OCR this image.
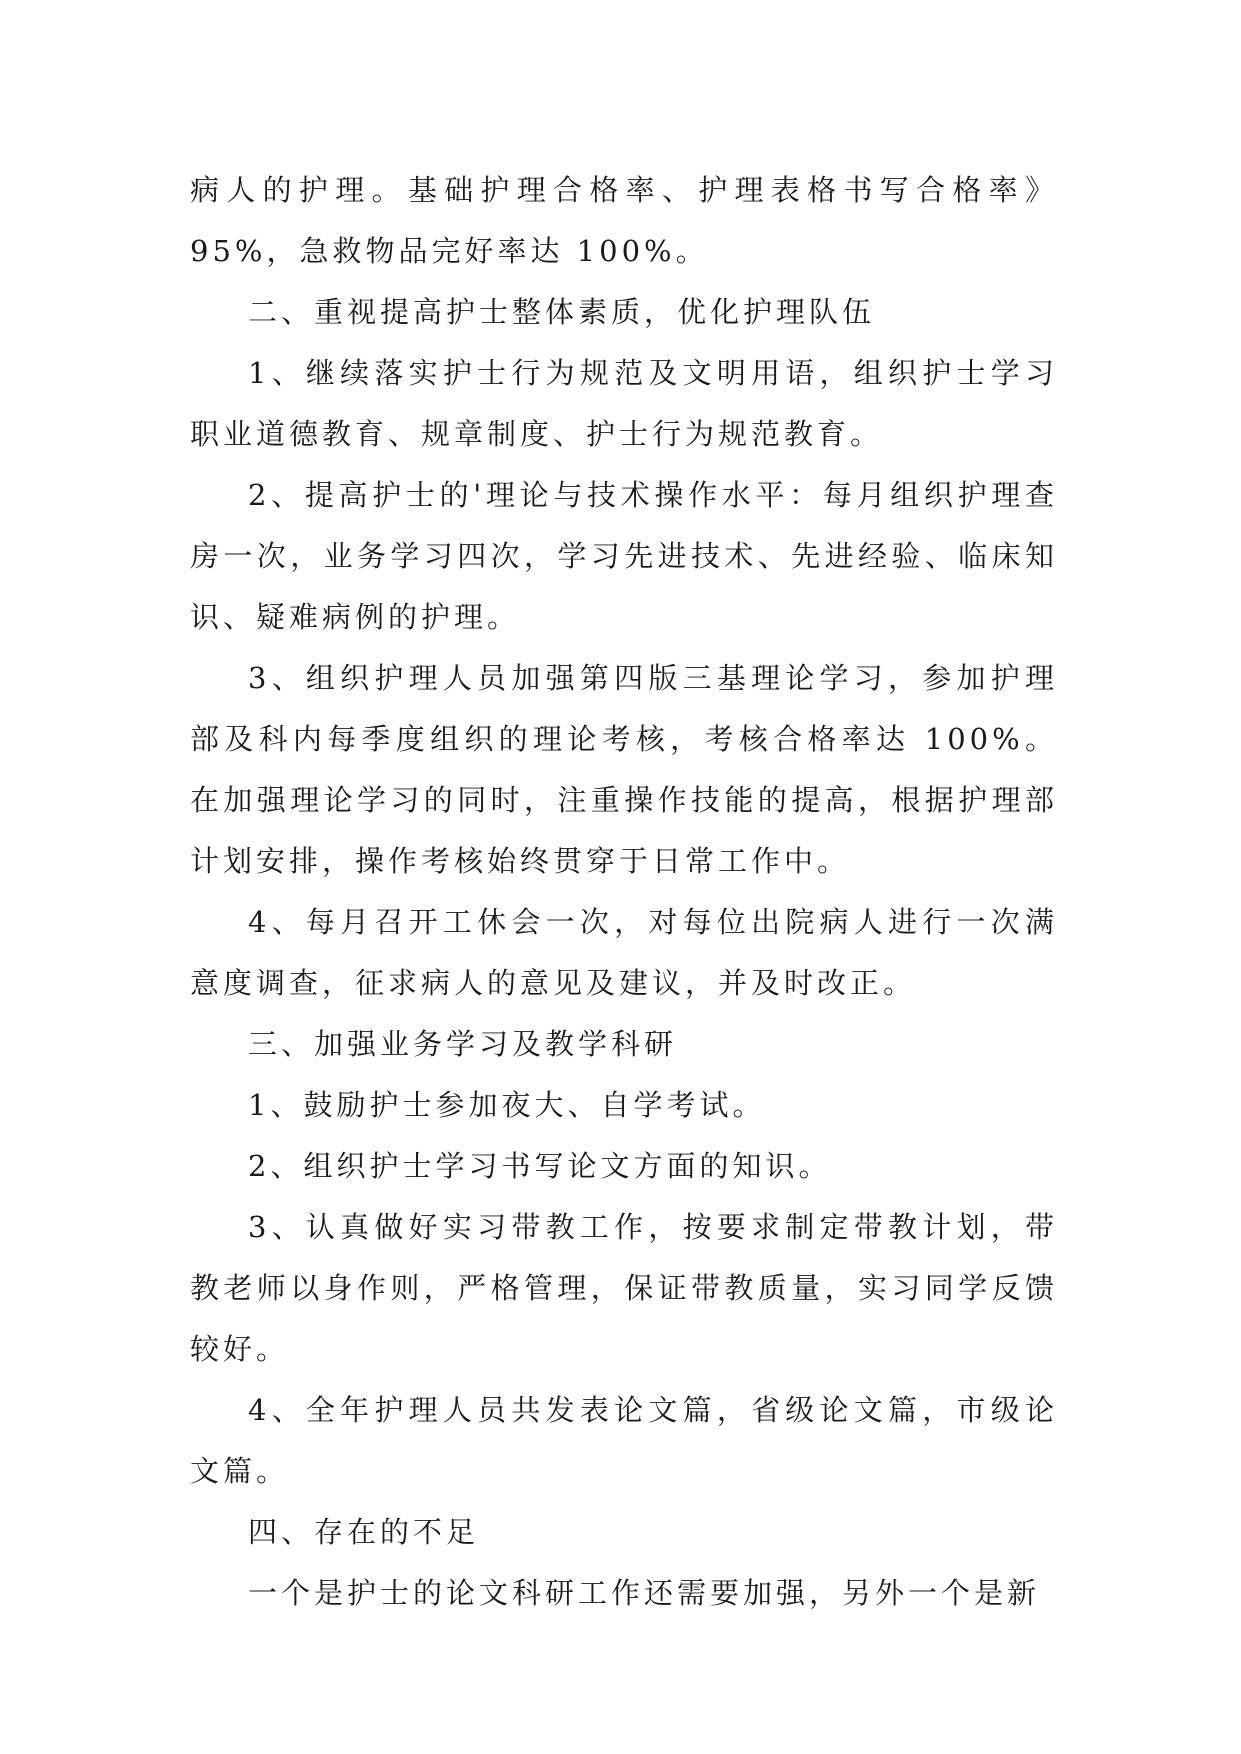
病人的护理。基础护理合格率、护理表格书写合格率》95%，急救物品完好率达 100%。

二、重视提高护士整体素质，优化护理队伍

1、继续落实护士行为规范及文明用语，组织护士学习职业道德教育、规章制度、护士行为规范教育。

2、提高护士的'理论与技术操作水平：每月组织护理查房一次，业务学习四次，学习先进技术、先进经验、临床知识、疑难病例的护理。

3、组织护理人员加强第四版三基理论学习，参加护理部及科内每季度组织的理论考核，考核合格率达 100%。在加强理论学习的同时，注重操作技能的提高，根据护理部计划安排，操作考核始终贯穿于日常工作中。

4、每月召开工休会一次，对每位出院病人进行一次满意度调查，征求病人的意见及建议，并及时改正。

三、加强业务学习及教学科研

1、鼓励护士参加夜大、自学考试。

2、组织护士学习书写论文方面的知识。

3、认真做好实习带教工作，按要求制定带教计划，带教老师以身作则，严格管理，保证带教质量，实习同学反馈较好。

4、全年护理人员共发表论文篇，省级论文篇，市级论文篇。

四、存在的不足

一个是护士的论文科研工作还需要加强，另外一个是新
